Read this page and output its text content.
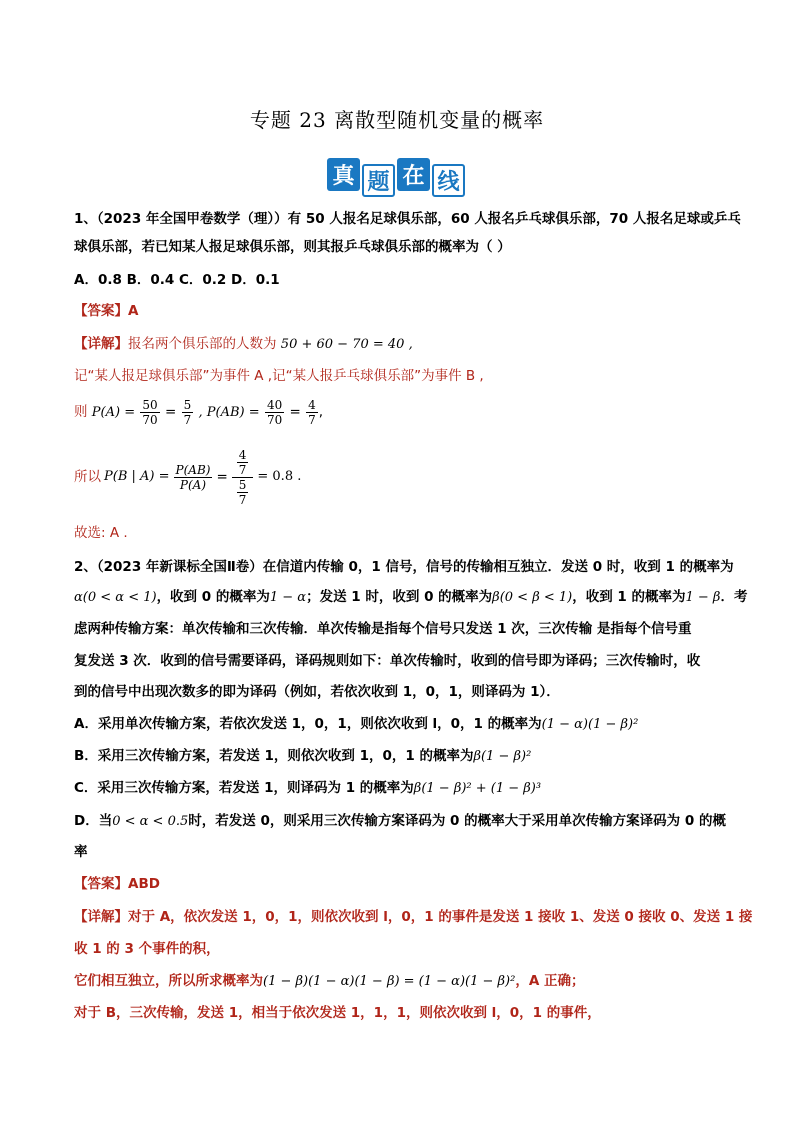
专题 23 离散型随机变量的概率
真 题 在 线
1、（2023 年全国甲卷数学（理））有 50 人报名足球俱乐部，60 人报名乒乓球俱乐部，70 人报名足球或乒乓
球俱乐部，若已知某人报足球俱乐部，则其报乒乓球俱乐部的概率为（ ）
A．0.8 B．0.4 C．0.2 D．0.1
【答案】A
【详解】报名两个俱乐部的人数为 50 + 60 − 70 = 40 ,
记“某人报足球俱乐部”为事件 A ,记“某人报乒乓球俱乐部”为事件 B ,
则 $P(A) = \frac{50}{70} = \frac{5}{7}$ , $P(AB) = \frac{40}{70} = \frac{4}{7}$ ,
所以 P(B | $A) = \frac{P(AB)}{P(A)} = \frac{\frac{4}{7}}{\frac{5}{7}} = 0.8$ .
故选: A .
2、（2023 年新课标全国Ⅱ卷）在信道内传输 0，1 信号，信号的传输相互独立．发送 0 时，收到 1 的概率为
α(0 < α < 1)，收到 0 的概率为1 − α；发送 1 时，收到 0 的概率为β(0 < β < 1)，收到 1 的概率为1 − β．考
虑两种传输方案：单次传输和三次传输．单次传输是指每个信号只发送 1 次，三次传输 是指每个信号重
复发送 3 次．收到的信号需要译码，译码规则如下：单次传输时，收到的信号即为译码；三次传输时，收
到的信号中出现次数多的即为译码（例如，若依次收到 1，0，1，则译码为 1）．
A．采用单次传输方案，若依次发送 1，0，1，则依次收到 l，0，1 的概率为(1 − α)(1 − β)²
B．采用三次传输方案，若发送 1，则依次收到 1，0，1 的概率为β(1 − β)²
C．采用三次传输方案，若发送 1，则译码为 1 的概率为β(1 − β)² + (1 − β)³
D．当0 < α < 0.5时，若发送 0，则采用三次传输方案译码为 0 的概率大于采用单次传输方案译码为 0 的概
率
【答案】ABD
【详解】对于 A，依次发送 1，0，1，则依次收到 l，0，1 的事件是发送 1 接收 1、发送 0 接收 0、发送 1 接
收 1 的 3 个事件的积，
它们相互独立，所以所求概率为(1 − β)(1 − α)(1 − β) = (1 − α)(1 − β)²，A 正确；
对于 B，三次传输，发送 1，相当于依次发送 1，1，1，则依次收到 l，0，1 的事件，
